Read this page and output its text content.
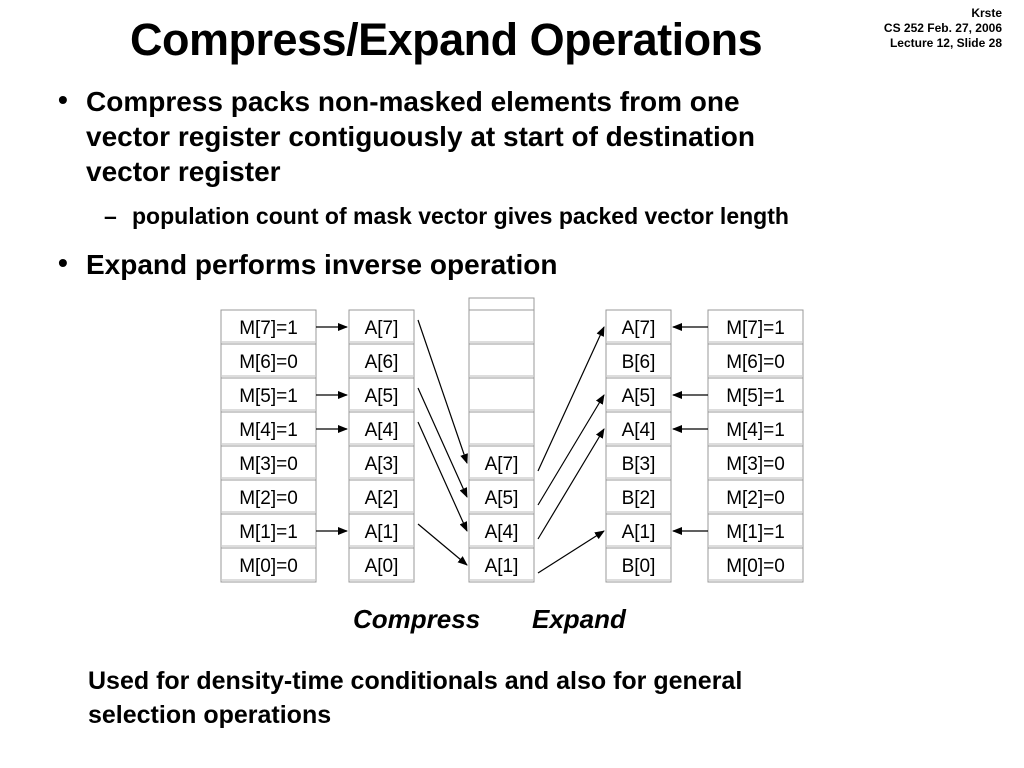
Compress/Expand Operations
Krste
CS 252 Feb. 27, 2006
Lecture 12, Slide 28
• Compress packs non-masked elements from one
vector register contiguously at start of destination
vector register
– population count of mask vector gives packed vector length
• Expand performs inverse operation
M[7]=1
M[6]=0
M[5]=1
M[4]=1
M[3]=0
M[2]=0
M[1]=1
M[0]=0
A[7]
A[6]
A[5]
A[4]
A[3]
A[2]
A[1]
A[0]
A[7]
A[5]
A[4]
A[1]
A[7]
B[6]
A[5]
A[4]
B[3]
B[2]
A[1]
B[0]
M[7]=1
M[6]=0
M[5]=1
M[4]=1
M[3]=0
M[2]=0
M[1]=1
M[0]=0
Compress Expand
Used for density-time conditionals and also for general
selection operations
